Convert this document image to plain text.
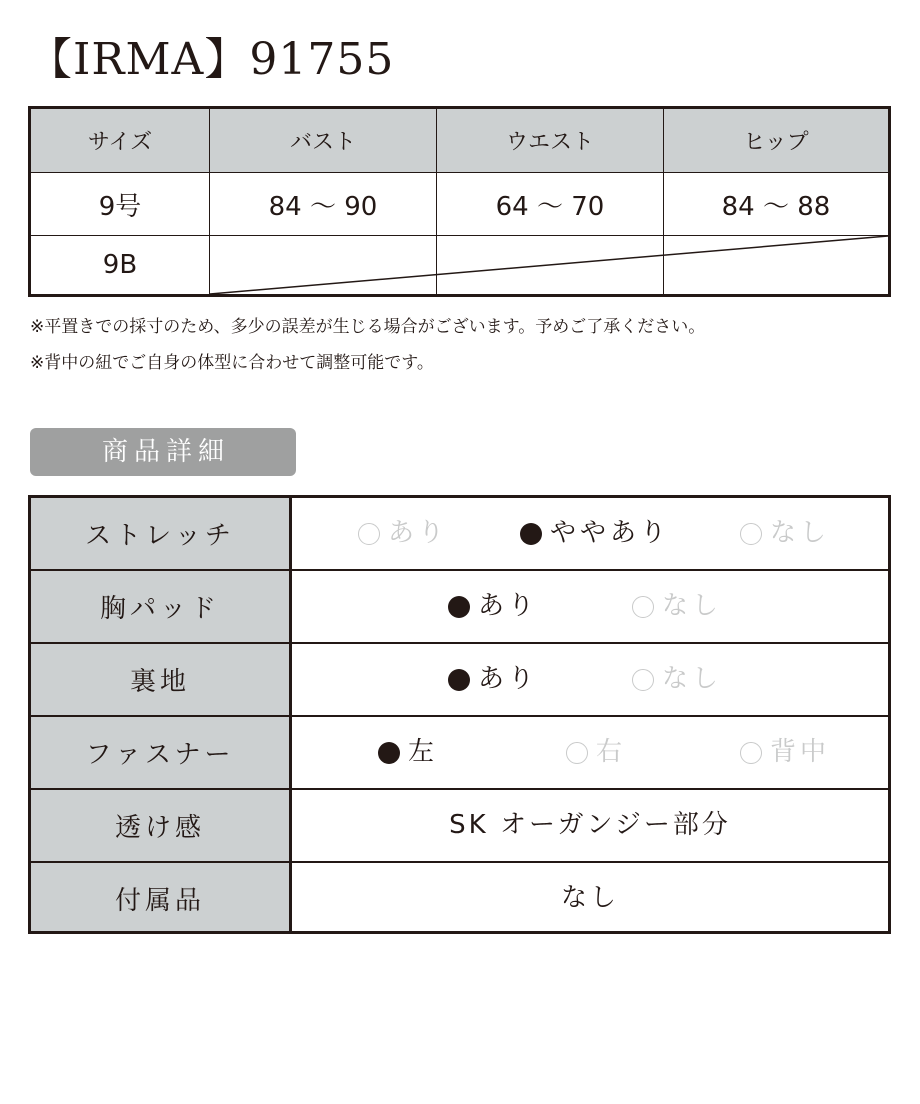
【IRMA】91755
サイズ	バスト	ウエスト	ヒップ
9号	84 〜 90	64 〜 70	84 〜 88
9B

※平置きでの採寸のため、多少の誤差が生じる場合がございます。予めご了承ください。

※背中の紐でご自身の体型に合わせて調整可能です。

商品詳細
ストレッチ	あり	ややあり	なし
胸パッド	あり	なし
裏地	あり	なし
ファスナー	左	右	背中
透け感	SK オーガンジー部分
付属品	なし
